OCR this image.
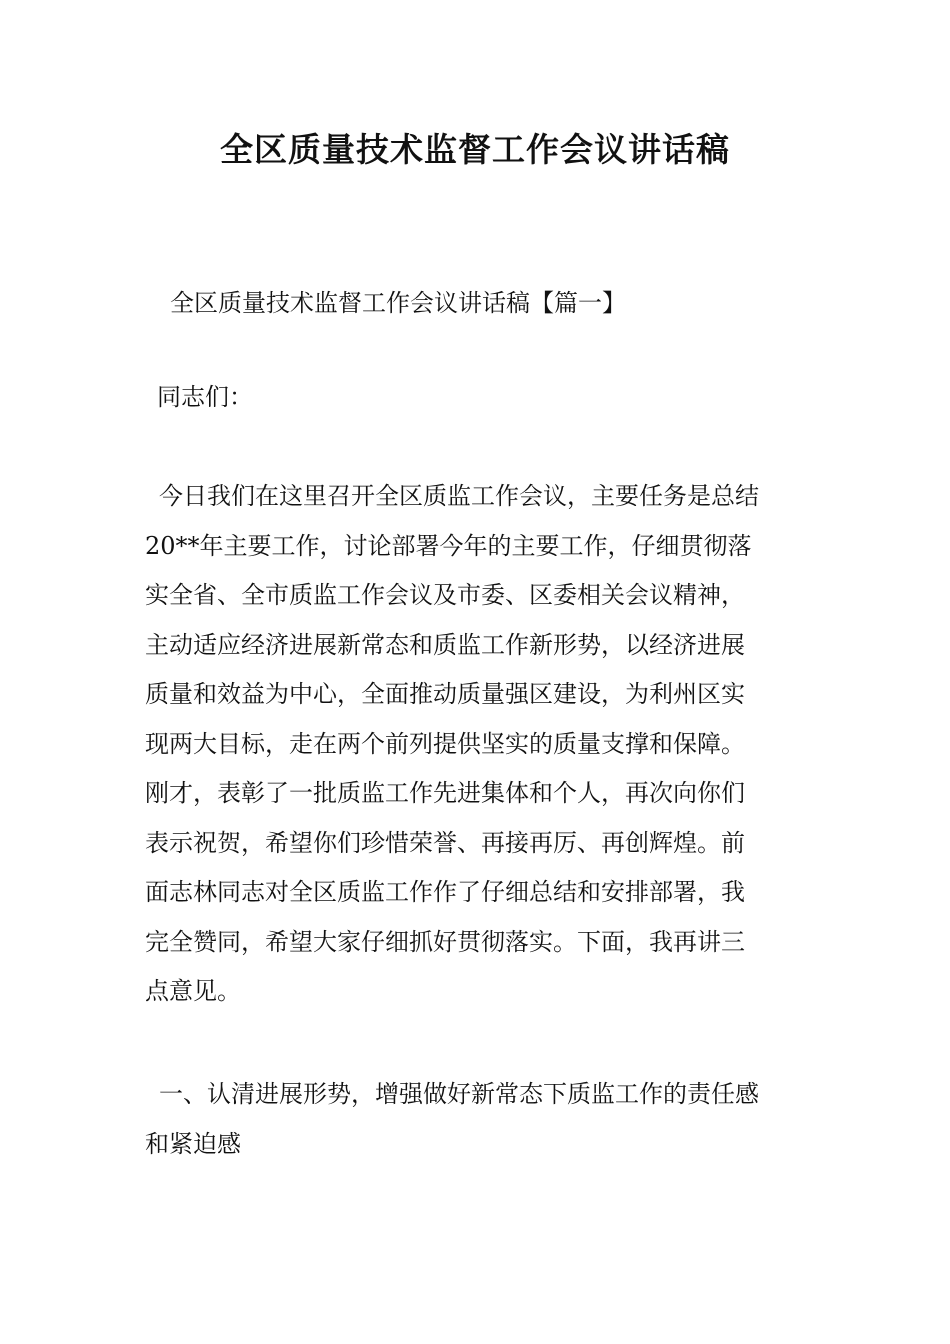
全区质量技术监督工作会议讲话稿
全区质量技术监督工作会议讲话稿【篇一】
同志们：
今日我们在这里召开全区质监工作会议，主要任务是总结
20**年主要工作，讨论部署今年的主要工作，仔细贯彻落
实全省、全市质监工作会议及市委、区委相关会议精神，
主动适应经济进展新常态和质监工作新形势，以经济进展
质量和效益为中心，全面推动质量强区建设，为利州区实
现两大目标，走在两个前列提供坚实的质量支撑和保障。
刚才，表彰了一批质监工作先进集体和个人，再次向你们
表示祝贺，希望你们珍惜荣誉、再接再厉、再创辉煌。前
面志林同志对全区质监工作作了仔细总结和安排部署，我
完全赞同，希望大家仔细抓好贯彻落实。下面，我再讲三
点意见。
一、认清进展形势，增强做好新常态下质监工作的责任感
和紧迫感
